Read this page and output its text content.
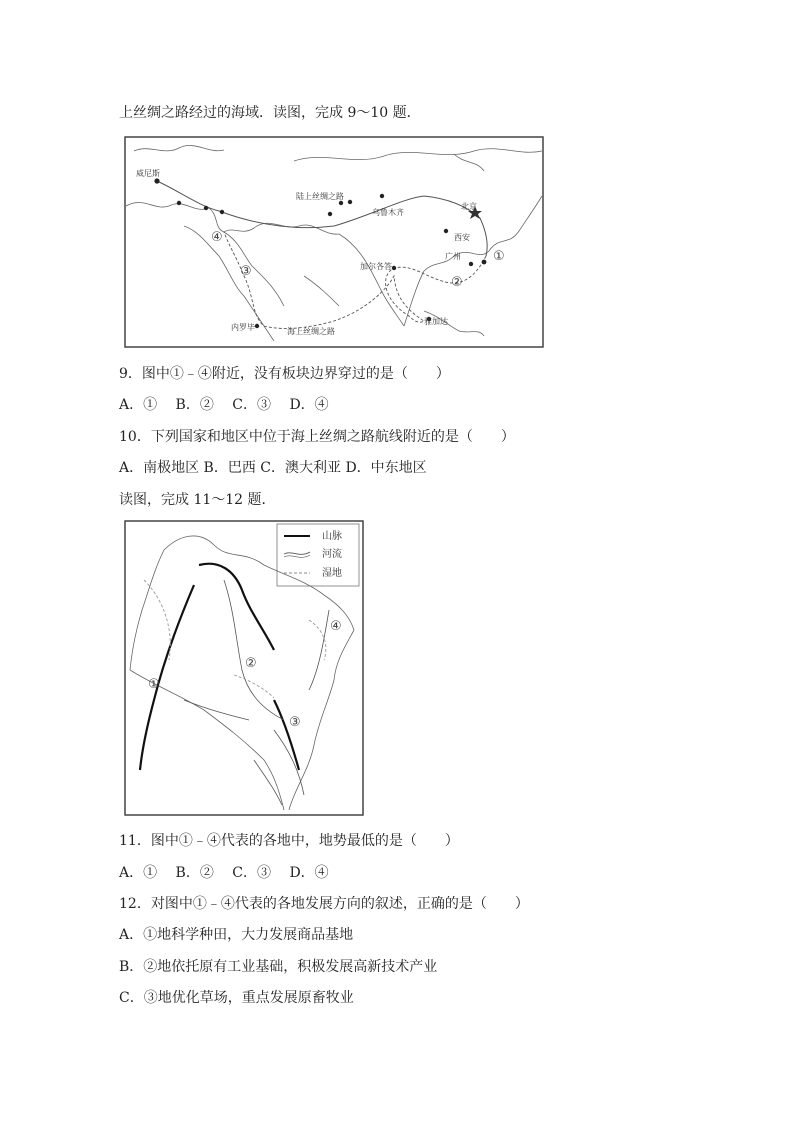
上丝绸之路经过的海域．读图，完成 9～10 题．
威尼斯
陆上丝绸之路
乌鲁木齐
北京
西安
广州
加尔各答
内罗毕	海上丝绸之路
雅加达
①
②
③
④
9．图中①﹣④附近，没有板块边界穿过的是（　　）
A．①　 B．②　 C．③　 D．④
10．下列国家和地区中位于海上丝绸之路航线附近的是（　　）
A．南极地区 B．巴西 C．澳大利亚 D．中东地区
读图，完成 11～12 题．
山脉
河流
湿地
①
②
③
④
11．图中①﹣④代表的各地中，地势最低的是（　　）
A．①　 B．②　 C．③　 D．④
12．对图中①﹣④代表的各地发展方向的叙述，正确的是（　　）
A．①地科学种田，大力发展商品基地
B．②地依托原有工业基础，积极发展高新技术产业
C．③地优化草场，重点发展原畜牧业
